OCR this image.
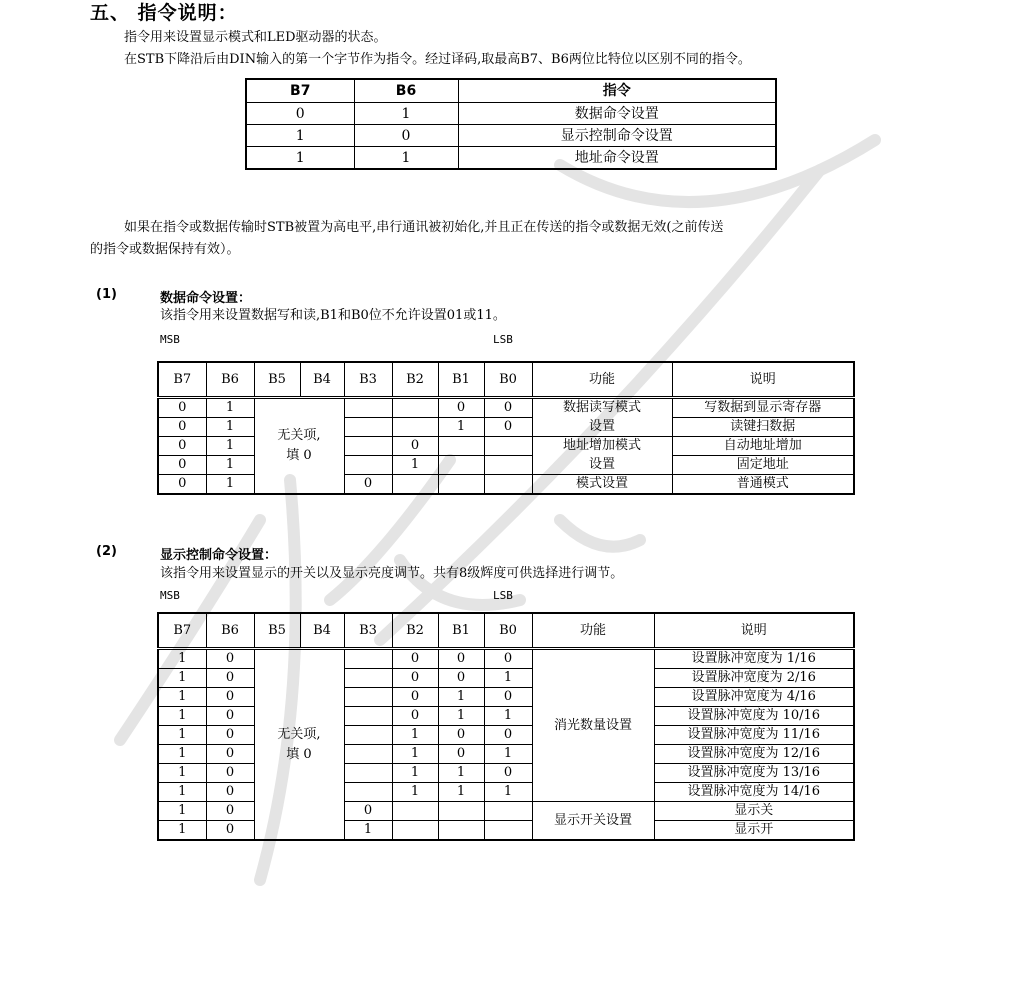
五、 指令说明：
指令用来设置显示模式和LED驱动器的状态。
在STB下降沿后由DIN输入的第一个字节作为指令。经过译码,取最高B7、B6两位比特位以区别不同的指令。
B7	B6	指令
0	1	数据命令设置
1	0	显示控制命令设置
1	1	地址命令设置
如果在指令或数据传输时STB被置为高电平,串行通讯被初始化,并且正在传送的指令或数据无效(之前传送
的指令或数据保持有效）。
(1)	数据命令设置：
该指令用来设置数据写和读,B1和B0位不允许设置01或11。
MSB	LSB
B7	B6	B5	B4	B3	B2	B1	B0	功能	说明
0	1	无关项,
填 0				0	0	数据读写模式	写数据到显示寄存器
0	1					1	0	设置	读键扫数据
0	1				0			地址增加模式	自动地址增加
0	1				1			设置	固定地址
0	1			0				模式设置	普通模式
(2)	显示控制命令设置：
该指令用来设置显示的开关以及显示亮度调节。共有8级辉度可供选择进行调节。
MSB	LSB
B7	B6	B5	B4	B3	B2	B1	B0	功能	说明
1	0	无关项,
填 0			0	0	0	消光数量设置	设置脉冲宽度为 1/16
1	0				0	0	1		设置脉冲宽度为 2/16
1	0				0	1	0		设置脉冲宽度为 4/16
1	0				0	1	1		设置脉冲宽度为 10/16
1	0				1	0	0		设置脉冲宽度为 11/16
1	0				1	0	1		设置脉冲宽度为 12/16
1	0				1	1	0		设置脉冲宽度为 13/16
1	0				1	1	1		设置脉冲宽度为 14/16
1	0			0				显示开关设置	显示关
1	0			1					显示开
